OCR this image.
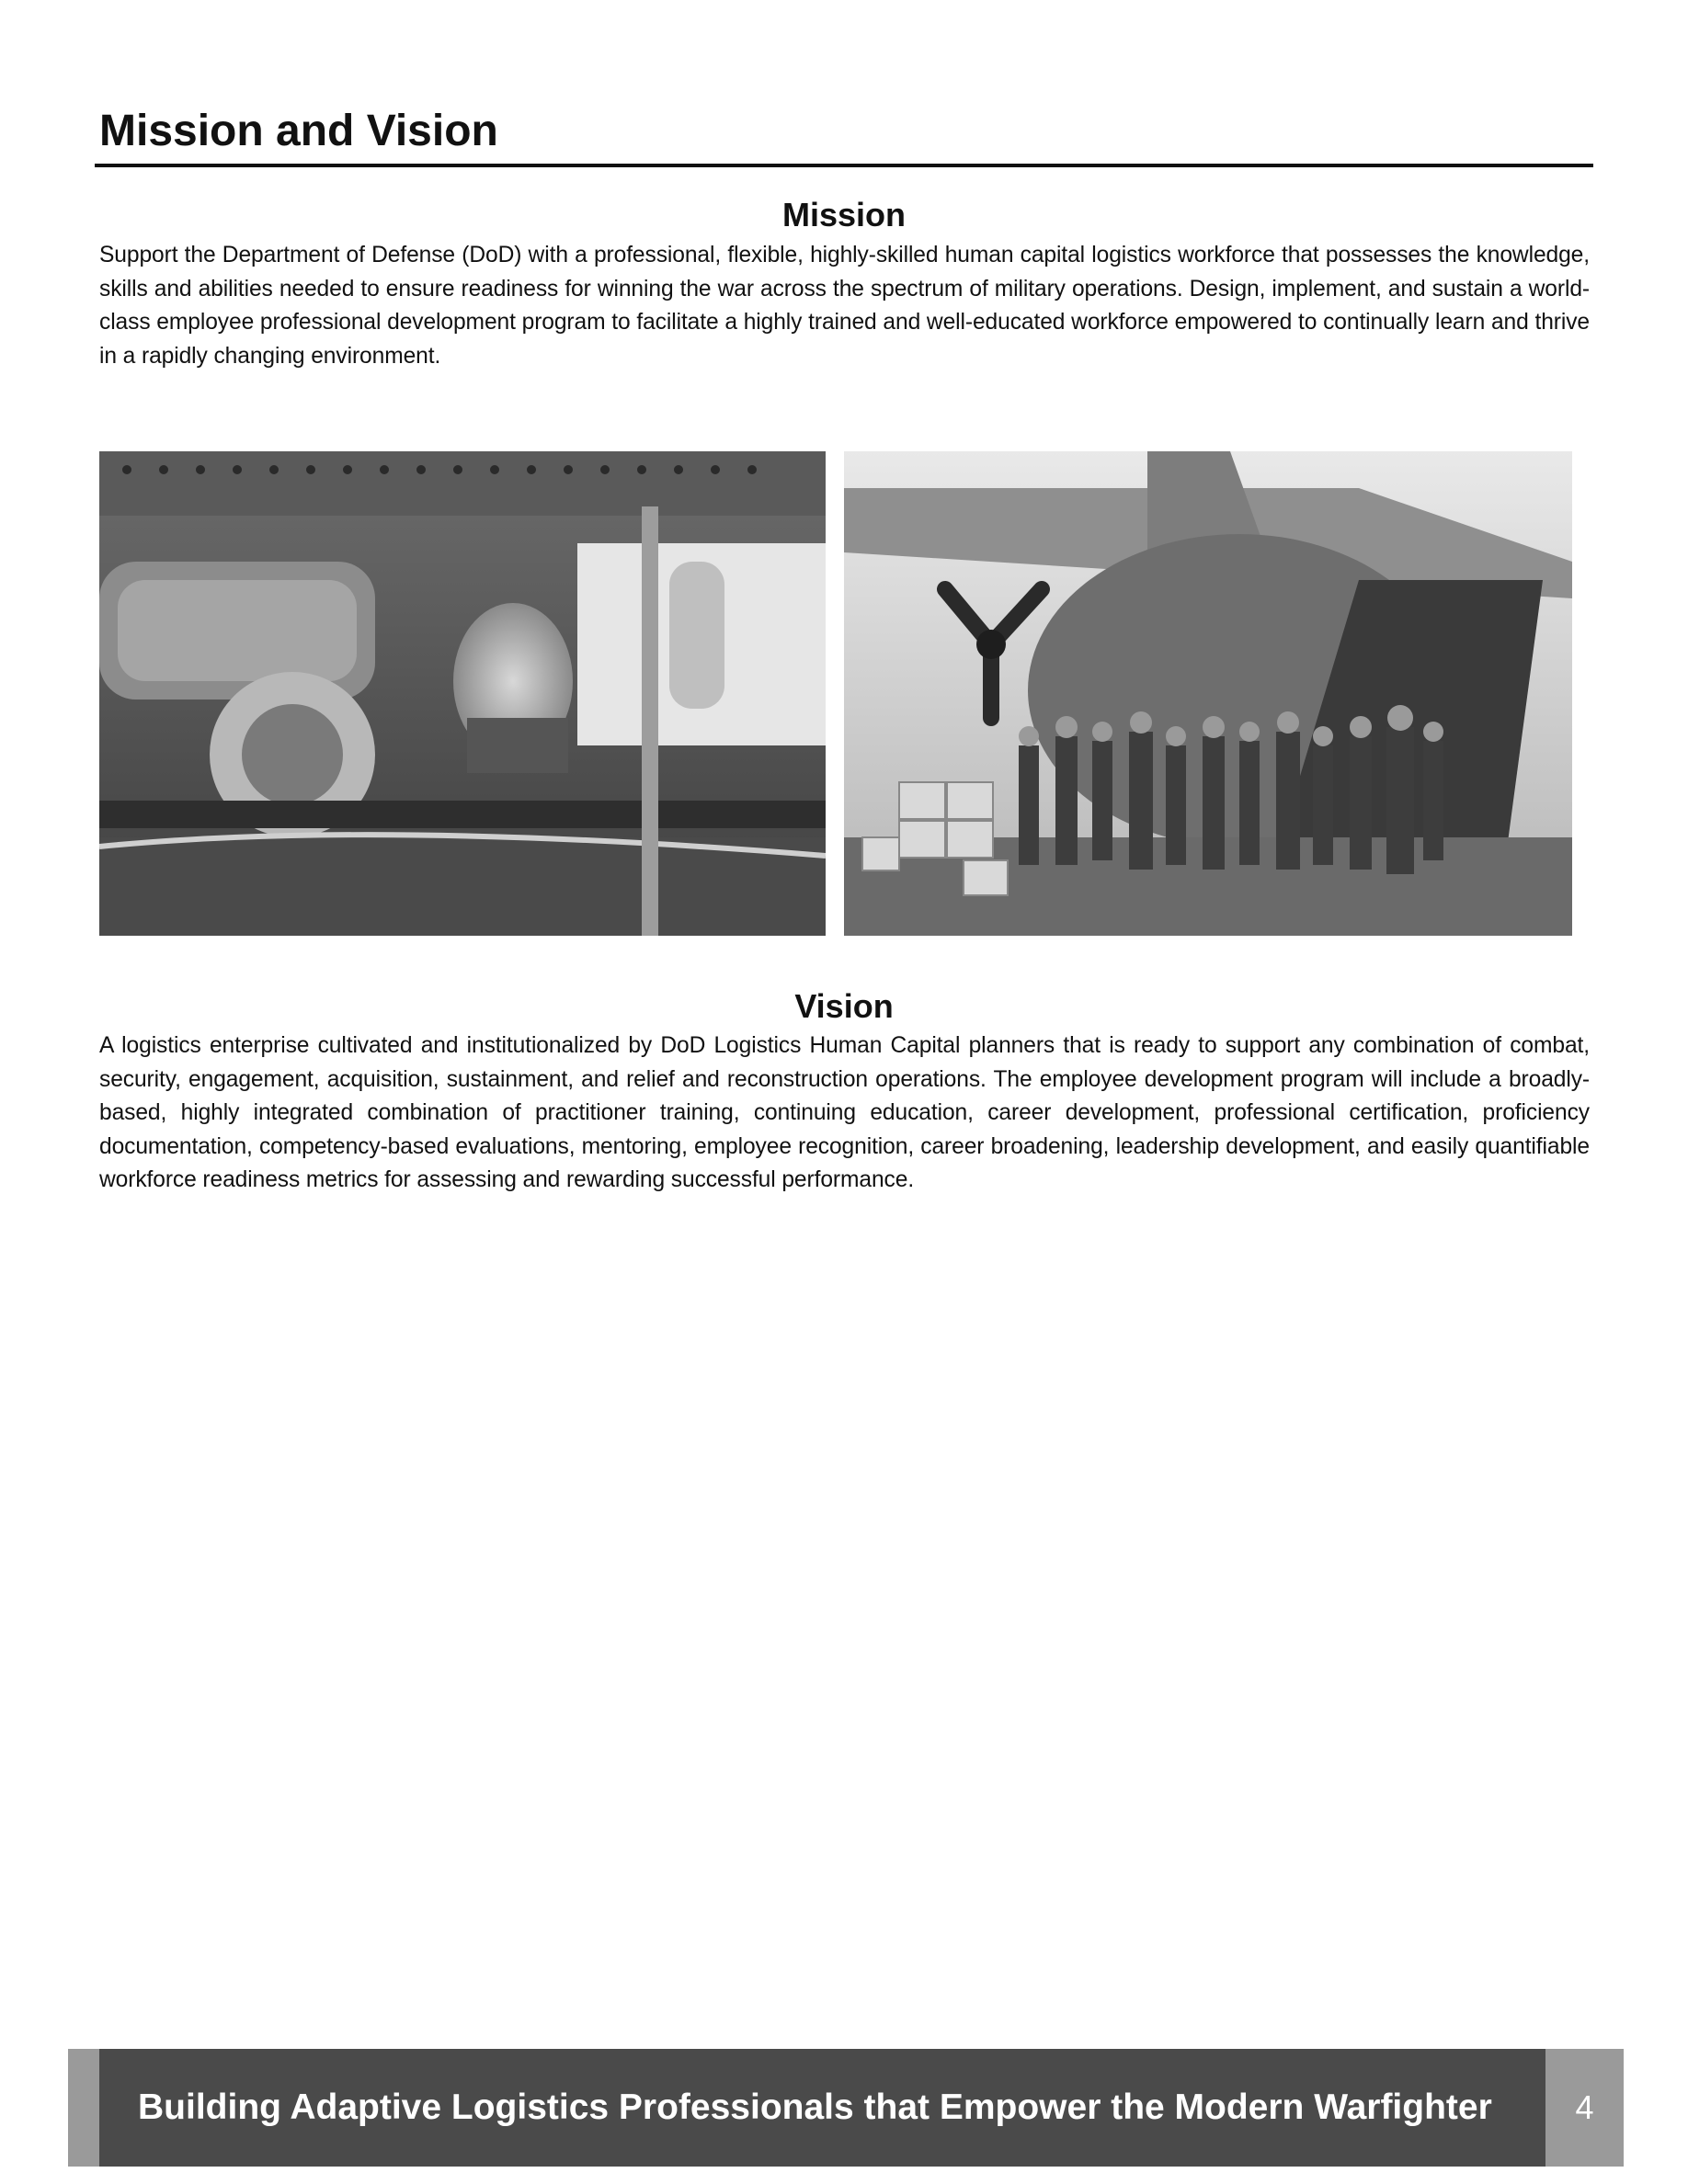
Mission and Vision
Mission

Support the Department of Defense (DoD) with a professional, flexible, highly-skilled human capital logistics workforce that possesses the knowledge, skills and abilities needed to ensure readiness for winning the war across the spectrum of military operations. Design, implement, and sustain a world-class employee professional development program to facilitate a highly trained and well-educated workforce empowered to continually learn and thrive in a rapidly changing environment.

Vision

A logistics enterprise cultivated and institutionalized by DoD Logistics Human Capital planners that is ready to support any combination of combat, security, engagement, acquisition, sustainment, and relief and reconstruction operations. The employee development program will include a broadly-based, highly integrated combination of practitioner training, continuing education, career development, professional certification, proficiency documentation, competency-based evaluations, mentoring, employee recognition, career broadening, leadership development, and easily quantifiable workforce readiness metrics for assessing and rewarding successful performance.

Building Adaptive Logistics Professionals that Empower the Modern Warfighter	4
